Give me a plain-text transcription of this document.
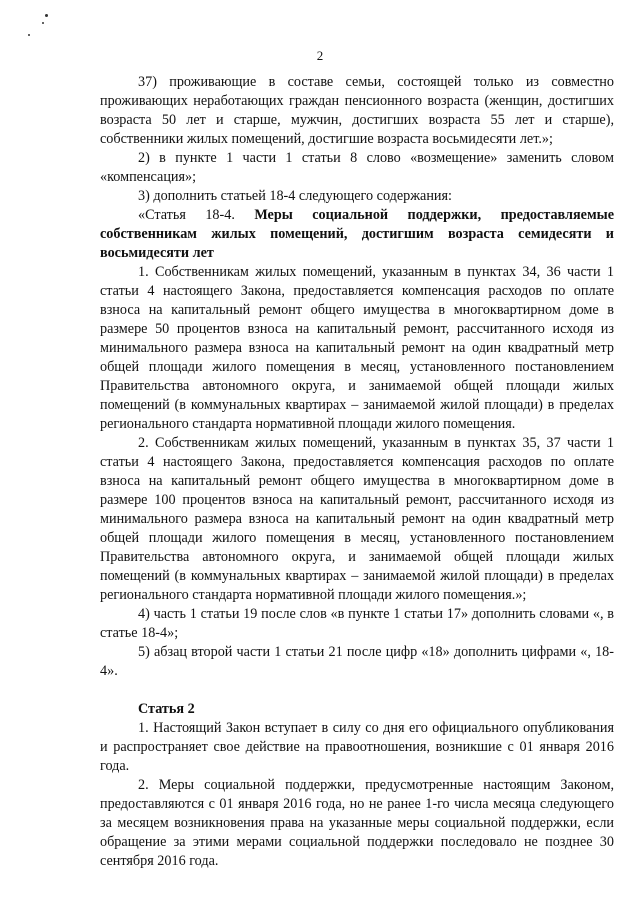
2

37) проживающие в составе семьи, состоящей только из совместно проживающих неработающих граждан пенсионного возраста (женщин, достигших возраста 50 лет и старше, мужчин, достигших возраста 55 лет и старше), собственники жилых помещений, достигшие возраста восьмидесяти лет.»;

2) в пункте 1 части 1 статьи 8 слово «возмещение» заменить словом «компенсация»;

3) дополнить статьей 18-4 следующего содержания:

«Статья 18-4. Меры социальной поддержки, предоставляемые собственникам жилых помещений, достигшим возраста семидесяти и восьмидесяти лет

1. Собственникам жилых помещений, указанным в пунктах 34, 36 части 1 статьи 4 настоящего Закона, предоставляется компенсация расходов по оплате взноса на капитальный ремонт общего имущества в многоквартирном доме в размере 50 процентов взноса на капитальный ремонт, рассчитанного исходя из минимального размера взноса на капитальный ремонт на один квадратный метр общей площади жилого помещения в месяц, установленного постановлением Правительства автономного округа, и занимаемой общей площади жилых помещений (в коммунальных квартирах – занимаемой жилой площади) в пределах регионального стандарта нормативной площади жилого помещения.

2. Собственникам жилых помещений, указанным в пунктах 35, 37 части 1 статьи 4 настоящего Закона, предоставляется компенсация расходов по оплате взноса на капитальный ремонт общего имущества в многоквартирном доме в размере 100 процентов взноса на капитальный ремонт, рассчитанного исходя из минимального размера взноса на капитальный ремонт на один квадратный метр общей площади жилого помещения в месяц, установленного постановлением Правительства автономного округа, и занимаемой общей площади жилых помещений (в коммунальных квартирах – занимаемой жилой площади) в пределах регионального стандарта нормативной площади жилого помещения.»;

4) часть 1 статьи 19 после слов «в пункте 1 статьи 17» дополнить словами «, в статье 18-4»;

5) абзац второй части 1 статьи 21 после цифр «18» дополнить цифрами «, 18-4».

Статья 2

1. Настоящий Закон вступает в силу со дня его официального опубликования и распространяет свое действие на правоотношения, возникшие с 01 января 2016 года.

2. Меры социальной поддержки, предусмотренные настоящим Законом, предоставляются с 01 января 2016 года, но не ранее 1-го числа месяца следующего за месяцем возникновения права на указанные меры социальной поддержки, если обращение за этими мерами социальной поддержки последовало не позднее 30 сентября 2016 года.
